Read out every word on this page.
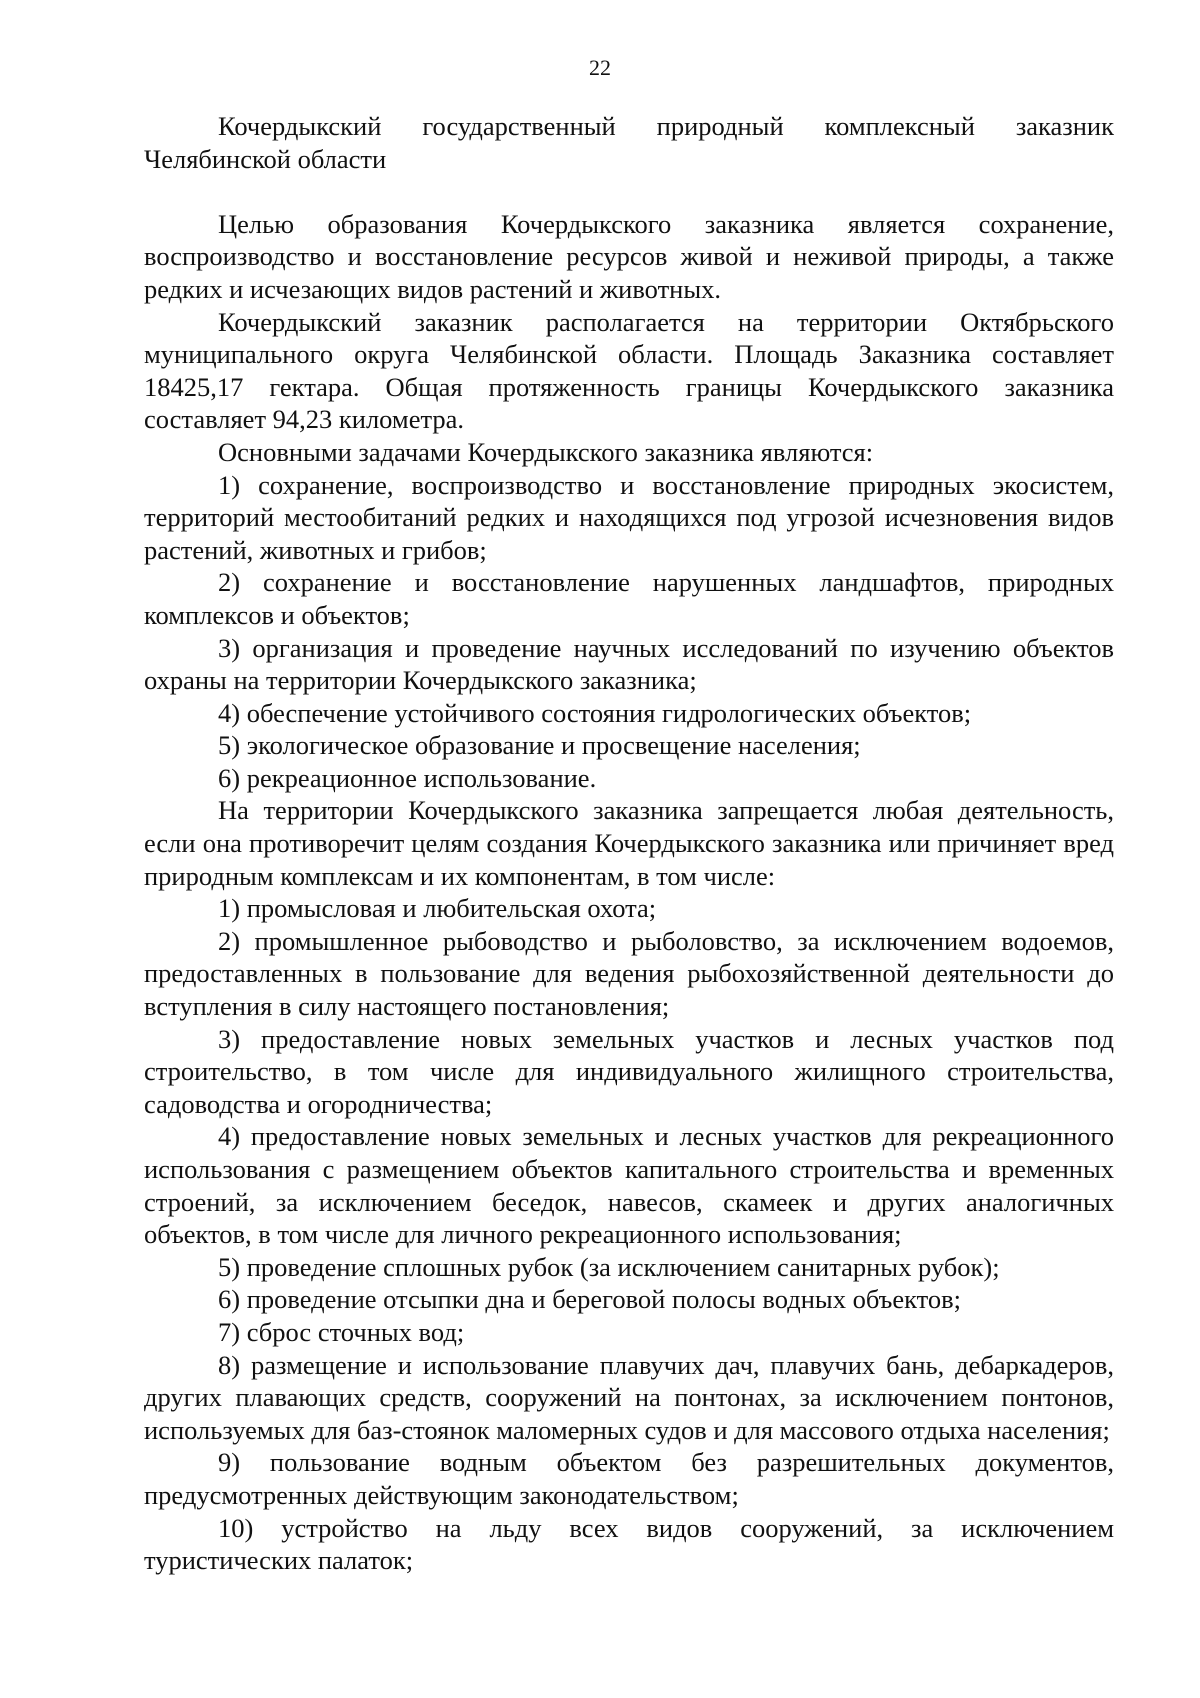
22

Кочердыкский государственный природный комплексный заказник Челябинской области

Целью образования Кочердыкского заказника является сохранение, воспроизводство и восстановление ресурсов живой и неживой природы, а также редких и исчезающих видов растений и животных.

Кочердыкский заказник располагается на территории Октябрьского муниципального округа Челябинской области. Площадь Заказника составляет 18425,17 гектара. Общая протяженность границы Кочердыкского заказника составляет 94,23 километра.

Основными задачами Кочердыкского заказника являются:

1) сохранение, воспроизводство и восстановление природных экосистем, территорий местообитаний редких и находящихся под угрозой исчезновения видов растений, животных и грибов;

2) сохранение и восстановление нарушенных ландшафтов, природных комплексов и объектов;

3) организация и проведение научных исследований по изучению объектов охраны на территории Кочердыкского заказника;

4) обеспечение устойчивого состояния гидрологических объектов;

5) экологическое образование и просвещение населения;

6) рекреационное использование.

На территории Кочердыкского заказника запрещается любая деятельность, если она противоречит целям создания Кочердыкского заказника или причиняет вред природным комплексам и их компонентам, в том числе:

1) промысловая и любительская охота;

2) промышленное рыбоводство и рыболовство, за исключением водоемов, предоставленных в пользование для ведения рыбохозяйственной деятельности до вступления в силу настоящего постановления;

3) предоставление новых земельных участков и лесных участков под строительство, в том числе для индивидуального жилищного строительства, садоводства и огородничества;

4) предоставление новых земельных и лесных участков для рекреационного использования с размещением объектов капитального строительства и временных строений, за исключением беседок, навесов, скамеек и других аналогичных объектов, в том числе для личного рекреационного использования;

5) проведение сплошных рубок (за исключением санитарных рубок);

6) проведение отсыпки дна и береговой полосы водных объектов;

7) сброс сточных вод;

8) размещение и использование плавучих дач, плавучих бань, дебаркадеров, других плавающих средств, сооружений на понтонах, за исключением понтонов, используемых для баз-стоянок маломерных судов и для массового отдыха населения;

9) пользование водным объектом без разрешительных документов, предусмотренных действующим законодательством;

10) устройство на льду всех видов сооружений, за исключением туристических палаток;
